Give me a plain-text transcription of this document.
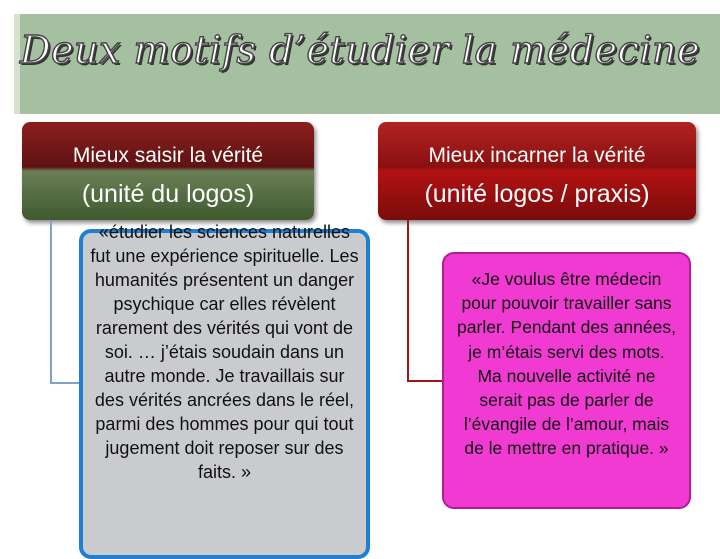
Deux motifs d’étudier la médecine
Mieux saisir la vérité
(unité du logos)
Mieux incarner la vérité
(unité logos / praxis)
«étudier les sciences naturelles fut une expérience spirituelle. Les humanités présentent un danger psychique car elles révèlent rarement des vérités qui vont de soi. … j’étais soudain dans un autre monde. Je travaillais sur des vérités ancrées dans le réel, parmi des hommes pour qui tout jugement doit reposer sur des faits. »
«Je voulus être médecin pour pouvoir travailler sans parler. Pendant des années, je m’étais servi des mots. Ma nouvelle activité ne serait pas de parler de l’évangile de l’amour, mais de le mettre en pratique. »
